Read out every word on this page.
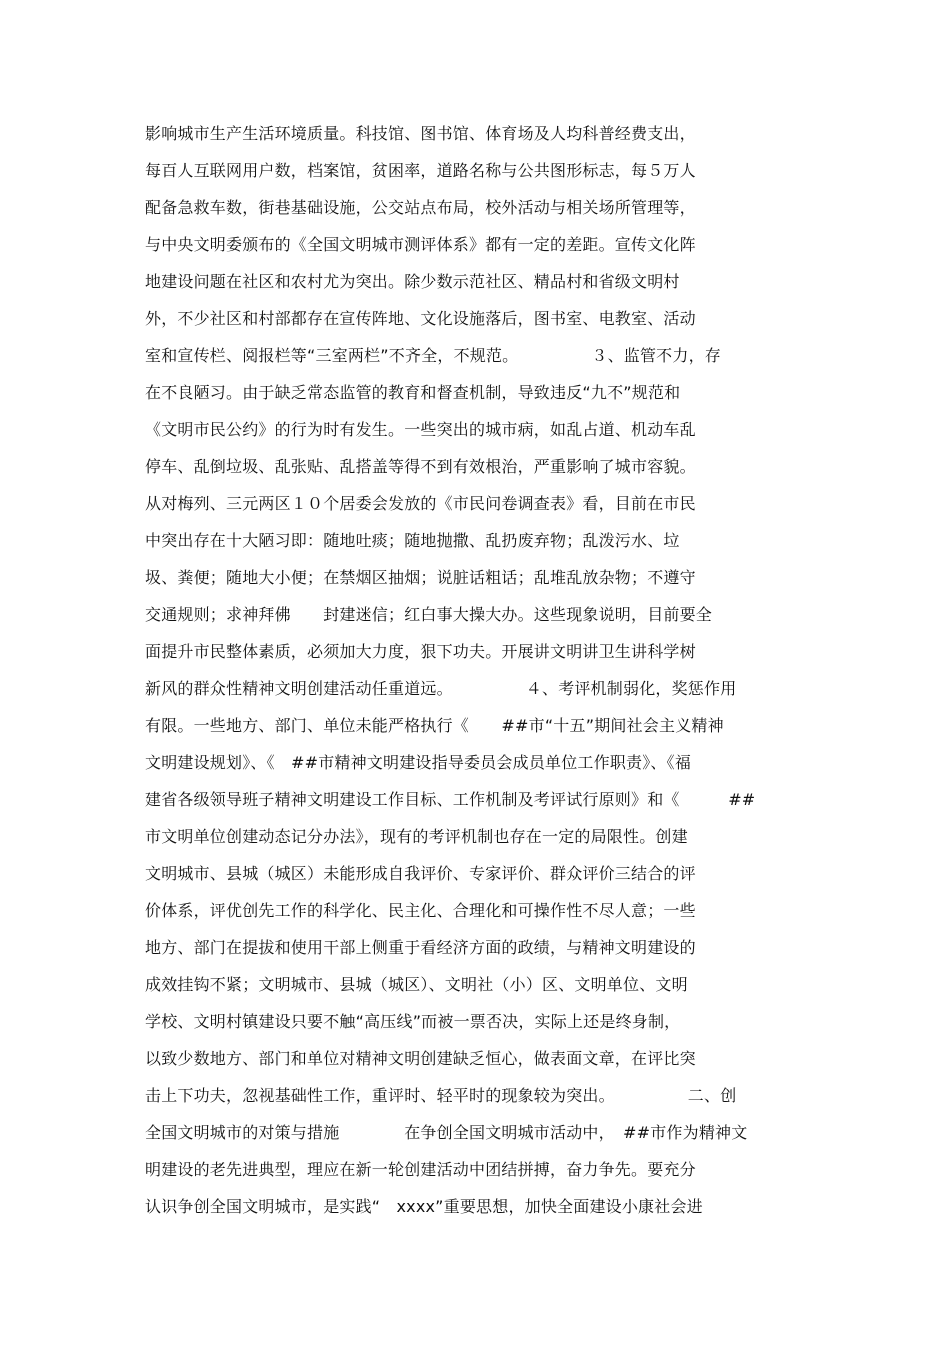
影响城市生产生活环境质量。科技馆、图书馆、体育场及人均科普经费支出，
每百人互联网用户数，档案馆，贫困率，道路名称与公共图形标志，每５万人
配备急救车数，街巷基础设施，公交站点布局，校外活动与相关场所管理等，
与中央文明委颁布的《全国文明城市测评体系》都有一定的差距。宣传文化阵
地建设问题在社区和农村尤为突出。除少数示范社区、精品村和省级文明村
外，不少社区和村部都存在宣传阵地、文化设施落后，图书室、电教室、活动
室和宣传栏、阅报栏等“三室两栏”不齐全，不规范。　　　　　３、监管不力，存
在不良陋习。由于缺乏常态监管的教育和督查机制，导致违反“九不”规范和
《文明市民公约》的行为时有发生。一些突出的城市病，如乱占道、机动车乱
停车、乱倒垃圾、乱张贴、乱搭盖等得不到有效根治，严重影响了城市容貌。
从对梅列、三元两区１０个居委会发放的《市民问卷调查表》看，目前在市民
中突出存在十大陋习即：随地吐痰；随地抛撒、乱扔废弃物；乱泼污水、垃
圾、粪便；随地大小便；在禁烟区抽烟；说脏话粗话；乱堆乱放杂物；不遵守
交通规则；求神拜佛　　封建迷信；红白事大操大办。这些现象说明，目前要全
面提升市民整体素质，必须加大力度，狠下功夫。开展讲文明讲卫生讲科学树
新风的群众性精神文明创建活动任重道远。　　　　　４、考评机制弱化，奖惩作用
有限。一些地方、部门、单位未能严格执行《　　##市“十五”期间社会主义精神
文明建设规划》、《　##市精神文明建设指导委员会成员单位工作职责》、《福
建省各级领导班子精神文明建设工作目标、工作机制及考评试行原则》和《　　　##
市文明单位创建动态记分办法》，现有的考评机制也存在一定的局限性。创建
文明城市、县城（城区）未能形成自我评价、专家评价、群众评价三结合的评
价体系，评优创先工作的科学化、民主化、合理化和可操作性不尽人意；一些
地方、部门在提拔和使用干部上侧重于看经济方面的政绩，与精神文明建设的
成效挂钩不紧；文明城市、县城（城区）、文明社（小）区、文明单位、文明
学校、文明村镇建设只要不触“高压线”而被一票否决，实际上还是终身制，
以致少数地方、部门和单位对精神文明创建缺乏恒心，做表面文章，在评比突
击上下功夫，忽视基础性工作，重评时、轻平时的现象较为突出。　　　　　二、创
全国文明城市的对策与措施　　　　在争创全国文明城市活动中，　##市作为精神文
明建设的老先进典型，理应在新一轮创建活动中团结拼搏，奋力争先。要充分
认识争创全国文明城市，是实践“　xxxx”重要思想，加快全面建设小康社会进
